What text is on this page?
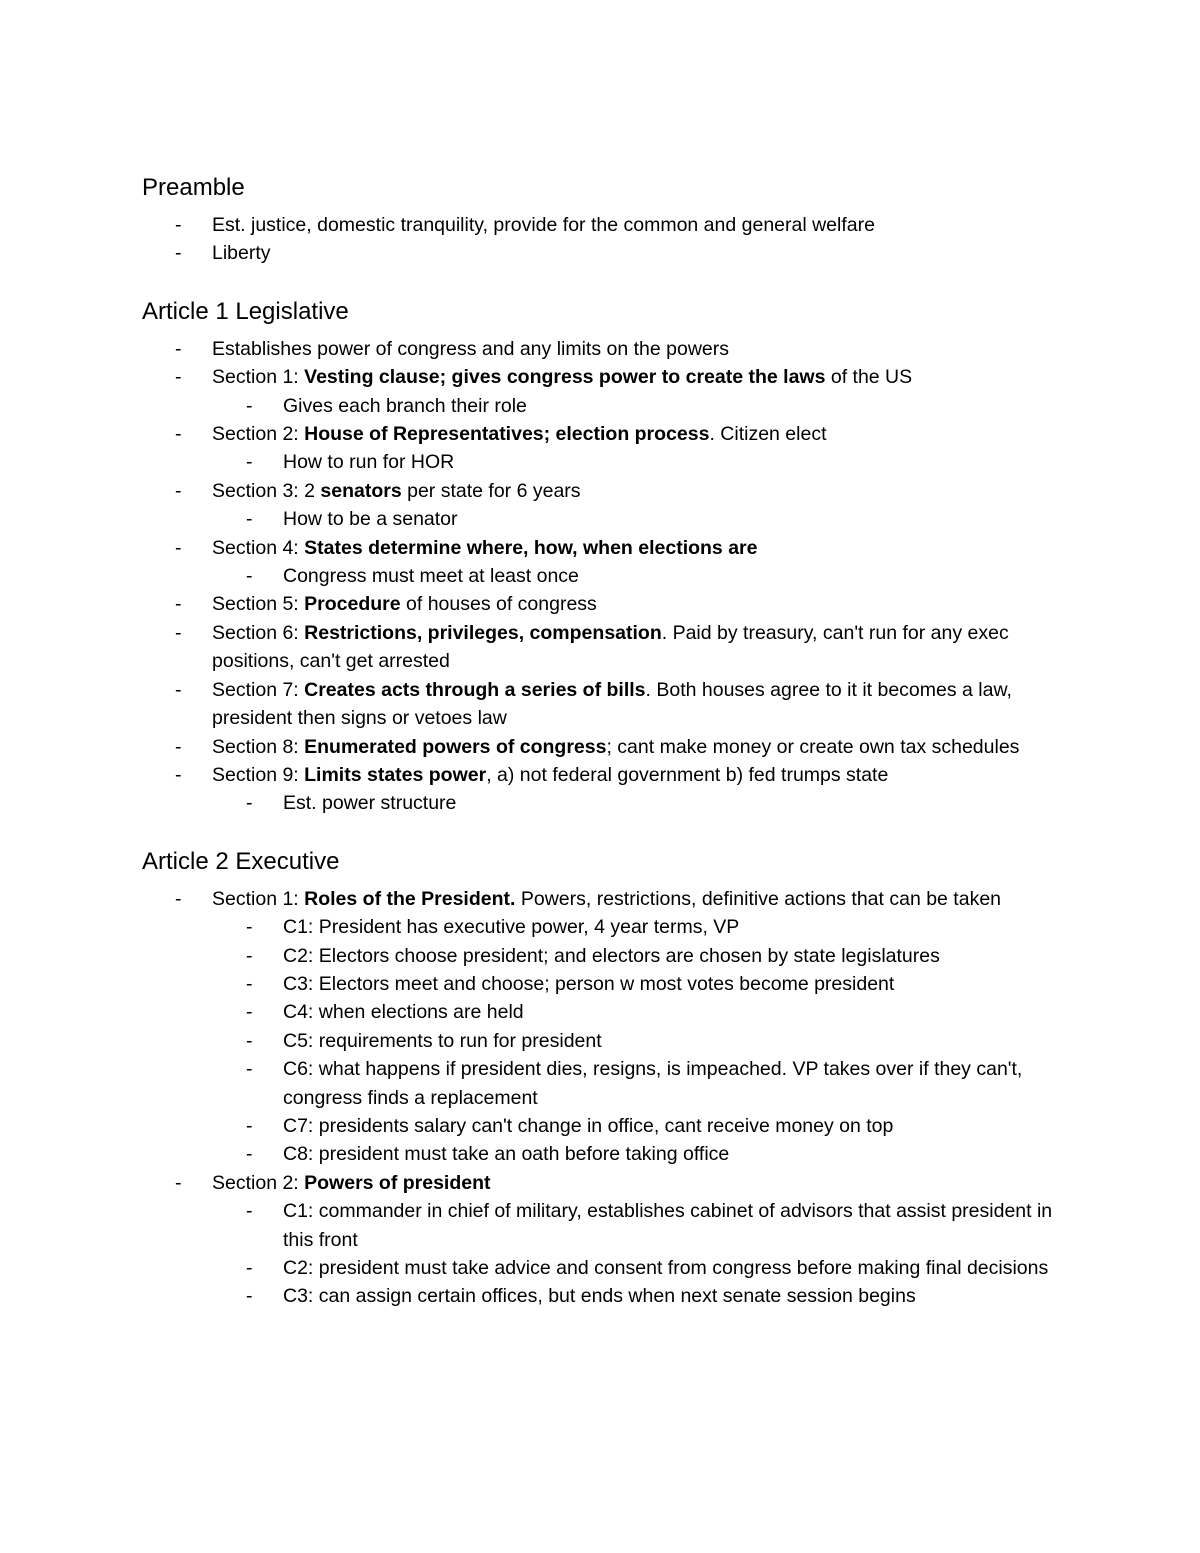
Preamble
- Est. justice, domestic tranquility, provide for the common and general welfare
- Liberty
Article 1 Legislative
- Establishes power of congress and any limits on the powers
- Section 1: Vesting clause; gives congress power to create the laws of the US
- Gives each branch their role
- Section 2: House of Representatives; election process. Citizen elect
- How to run for HOR
- Section 3: 2 senators per state for 6 years
- How to be a senator
- Section 4: States determine where, how, when elections are
- Congress must meet at least once
- Section 5: Procedure of houses of congress
- Section 6: Restrictions, privileges, compensation. Paid by treasury, can't run for any exec positions, can't get arrested
- Section 7: Creates acts through a series of bills. Both houses agree to it it becomes a law, president then signs or vetoes law
- Section 8: Enumerated powers of congress; cant make money or create own tax schedules
- Section 9: Limits states power, a) not federal government b) fed trumps state
- Est. power structure
Article 2 Executive
- Section 1: Roles of the President. Powers, restrictions, definitive actions that can be taken
- C1: President has executive power, 4 year terms, VP
- C2: Electors choose president; and electors are chosen by state legislatures
- C3: Electors meet and choose; person w most votes become president
- C4: when elections are held
- C5: requirements to run for president
- C6: what happens if president dies, resigns, is impeached. VP takes over if they can't, congress finds a replacement
- C7: presidents salary can't change in office, cant receive money on top
- C8: president must take an oath before taking office
- Section 2: Powers of president
- C1: commander in chief of military, establishes cabinet of advisors that assist president in this front
- C2: president must take advice and consent from congress before making final decisions
- C3: can assign certain offices, but ends when next senate session begins
